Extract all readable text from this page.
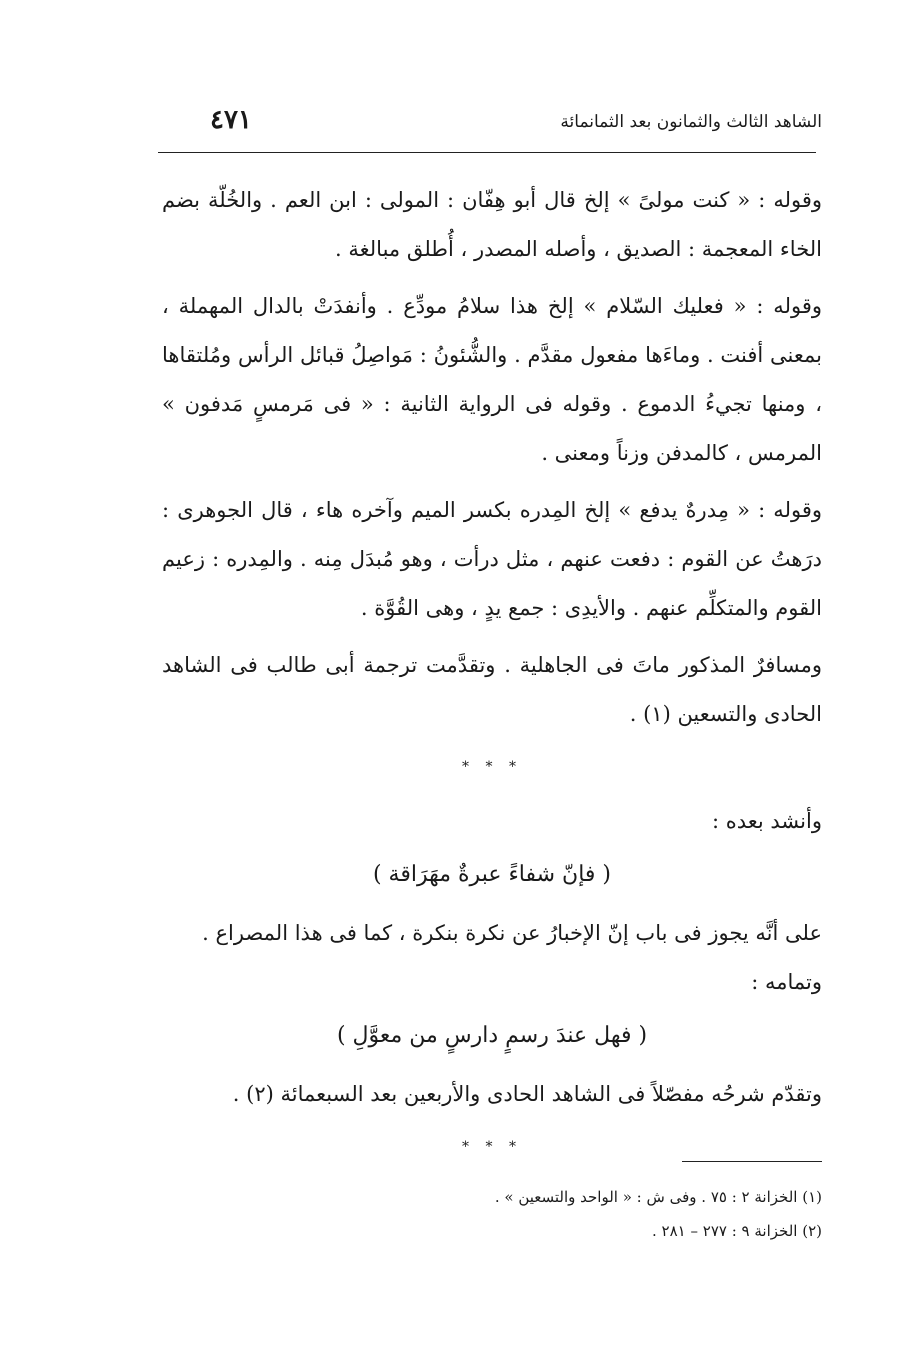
الشاهد الثالث والثمانون بعد الثمانمائة
٤٧١

وقوله : « كنت مولىً » إلخ قال أبو هِفّان : المولى : ابن العم . والخُلّة بضم الخاء المعجمة : الصديق ، وأصله المصدر ، أُطلق مبالغة .

وقوله : « فعليك السّلام » إلخ هذا سلامُ مودِّع . وأنفدَتْ بالدال المهملة ، بمعنى أفنت . وماءَها مفعول مقدَّم . والشُّئونُ : مَواصِلُ قبائل الرأس ومُلتقاها ، ومنها تجيءُ الدموع . وقوله فى الرواية الثانية : « فى مَرمسٍ مَدفون » المرمس ، كالمدفن وزناً ومعنى .

وقوله : « مِدرهٌ يدفع » إلخ المِدره بكسر الميم وآخره هاء ، قال الجوهرى : درَهتُ عن القوم : دفعت عنهم ، مثل درأت ، وهو مُبدَل مِنه . والمِدره : زعيم القوم والمتكلِّم عنهم . والأيدِى : جمع يدٍ ، وهى القُوَّة .

ومسافرٌ المذكور ماتَ فى الجاهلية . وتقدَّمت ترجمة أبى طالب فى الشاهد الحادى والتسعين (١) .

* * *

وأنشد بعده :

( فإنّ شفاءً عبرةٌ مهَرَاقة )

على أنَّه يجوز فى باب إنّ الإخبارُ عن نكرة بنكرة ، كما فى هذا المصراع .

وتمامه :

( فهل عندَ رسمٍ دارسٍ من معوَّلِ )

وتقدّم شرحُه مفصّلاً فى الشاهد الحادى والأربعين بعد السبعمائة (٢) .

* * *

(١) الخزانة ٢ : ٧٥ . وفى ش : « الواحد والتسعين » .

(٢) الخزانة ٩ : ٢٧٧ – ٢٨١ .
